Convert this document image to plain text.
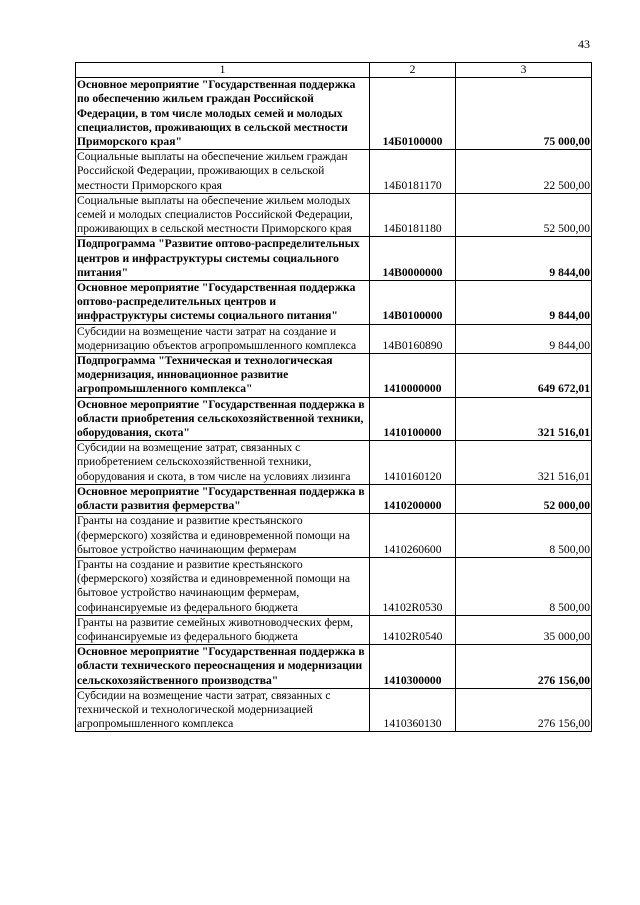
43
1	2	3
Основное мероприятие "Государственная поддержка по обеспечению жильем граждан Российской Федерации, в том числе молодых семей и молодых специалистов, проживающих в сельской местности Приморского края"	14Б0100000	75 000,00
Социальные выплаты на обеспечение жильем граждан Российской Федерации, проживающих в сельской местности Приморского края	14Б0181170	22 500,00
Социальные выплаты на обеспечение жильем молодых семей и молодых специалистов Российской Федерации, проживающих в сельской местности Приморского края	14Б0181180	52 500,00
Подпрограмма "Развитие оптово-распределительных центров и инфраструктуры системы социального питания"	14В0000000	9 844,00
Основное мероприятие "Государственная поддержка оптово-распределительных центров и инфраструктуры системы социального питания"	14В0100000	9 844,00
Субсидии на возмещение части затрат на создание и модернизацию объектов агропромышленного комплекса	14В0160890	9 844,00
Подпрограмма "Техническая и технологическая модернизация, инновационное развитие агропромышленного комплекса"	1410000000	649 672,01
Основное мероприятие "Государственная поддержка в области приобретения сельскохозяйственной техники, оборудования, скота"	1410100000	321 516,01
Субсидии на возмещение затрат, связанных с приобретением сельскохозяйственной техники, оборудования и скота, в том числе на условиях лизинга	1410160120	321 516,01
Основное мероприятие "Государственная поддержка в области развития фермерства"	1410200000	52 000,00
Гранты на создание и развитие крестьянского (фермерского) хозяйства и единовременной помощи на бытовое устройство начинающим фермерам	1410260600	8 500,00
Гранты на создание и развитие крестьянского (фермерского) хозяйства и единовременной помощи на бытовое устройство начинающим фермерам, софинансируемые из федерального бюджета	14102R0530	8 500,00
Гранты на развитие семейных животноводческих ферм, софинансируемые из федерального бюджета	14102R0540	35 000,00
Основное мероприятие "Государственная поддержка в области технического переоснащения и модернизации сельскохозяйственного производства"	1410300000	276 156,00
Субсидии на возмещение части затрат, связанных с технической и технологической модернизацией агропромышленного комплекса	1410360130	276 156,00
